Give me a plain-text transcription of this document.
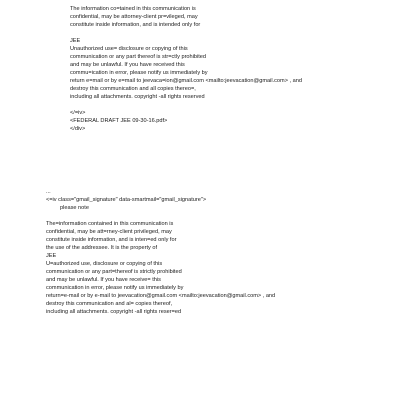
The information co=tained in this communication is
confidential, may be attorney-client pr=vileged, may
constitute inside information, and is intended only for
JEE
Unauthorized use= disclosure or copying of this
communication or any part thereof is str=ctly prohibited
and may be unlawful. If you have received this
commu=ication in error, please notify us immediately by
return e=mail or by e=mail to jeevaca=ion@gmail.com <mailto:jeevacation@gmail.com> , and
destroy this communication and all copies thereo=,
including all attachments. copyright -all rights reserved
</=iv>
<FEDERAL DRAFT JEE 09-30-16.pdf>
</div>
...
<=iv class="gmail_signature" data-smartmail="gmail_signature">
please note
The=information contained in this communication is
confidential, may be att=rney-client privileged, may
constitute inside information, and is inten=ed only for
the use of the addressee. It is the property of
JEE
U=authorized use, disclosure or copying of this
communication or any part=thereof is strictly prohibited
and may be unlawful. If you have receive= this
communication in error, please notify us immediately by
return=e-mail or by e-mail to jeevacation@gmail.com <mailto:jeevacation@gmail.com> , and
destroy this communication and al= copies thereof,
including all attachments. copyright -all rights reser=ed
